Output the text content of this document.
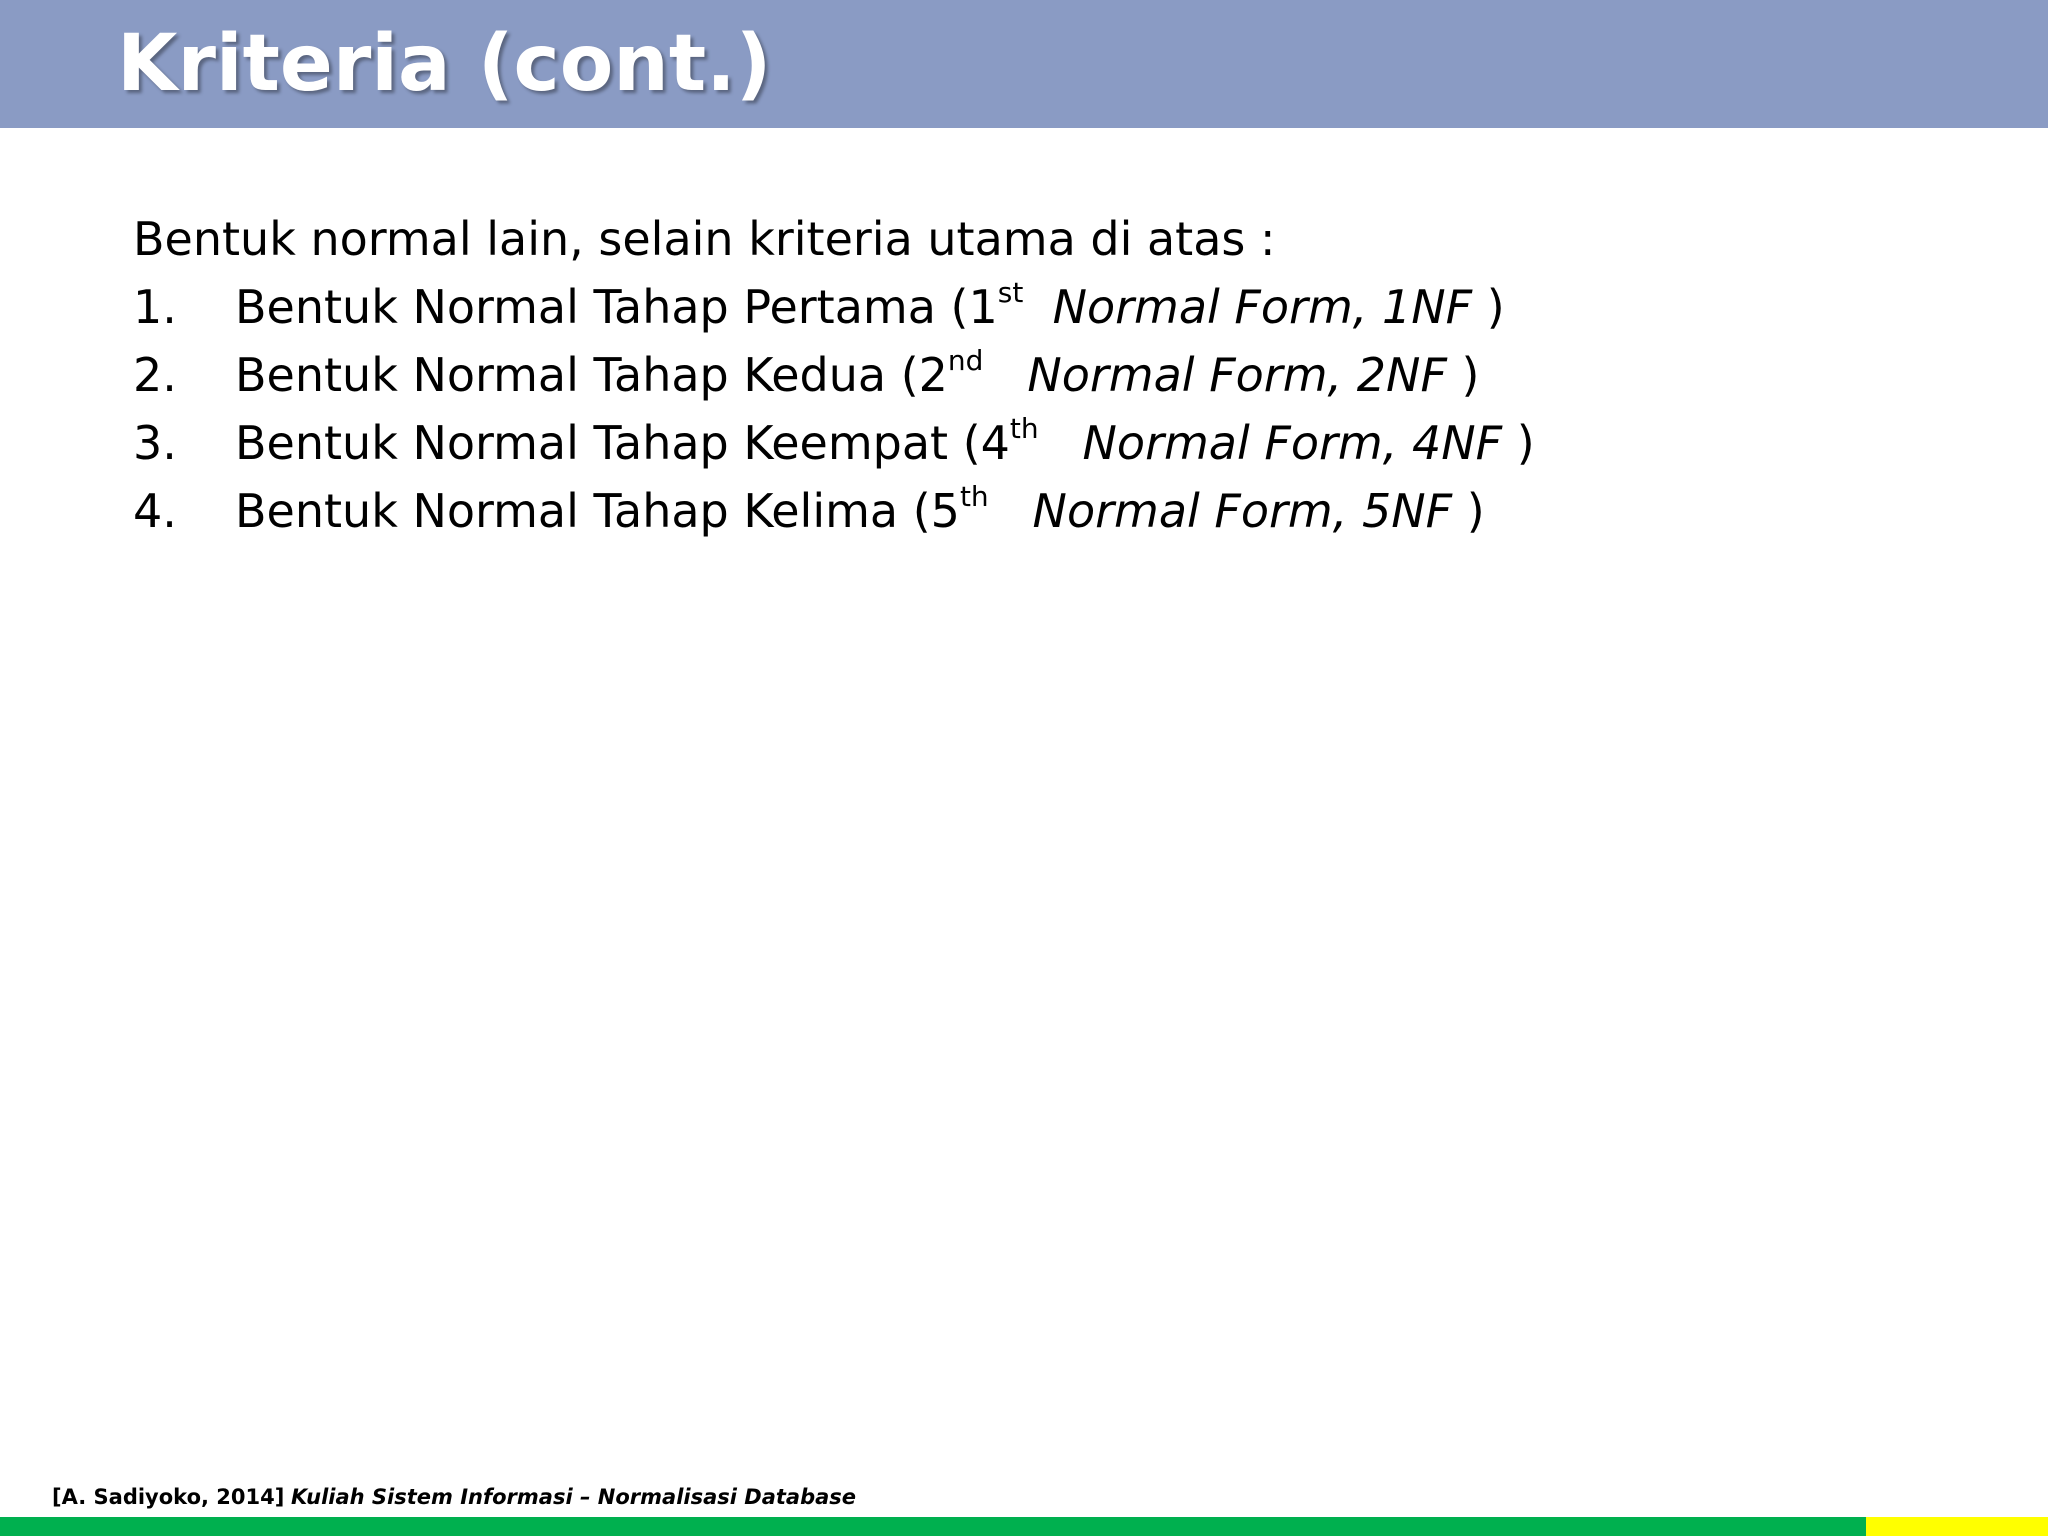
Kriteria (cont.)
Bentuk normal lain, selain kriteria utama di atas :
1. Bentuk Normal Tahap Pertama (1st Normal Form, 1NF )
2. Bentuk Normal Tahap Kedua (2nd Normal Form, 2NF )
3. Bentuk Normal Tahap Keempat (4th Normal Form, 4NF )
4. Bentuk Normal Tahap Kelima (5th Normal Form, 5NF )
[A. Sadiyoko, 2014] Kuliah Sistem Informasi – Normalisasi Database
